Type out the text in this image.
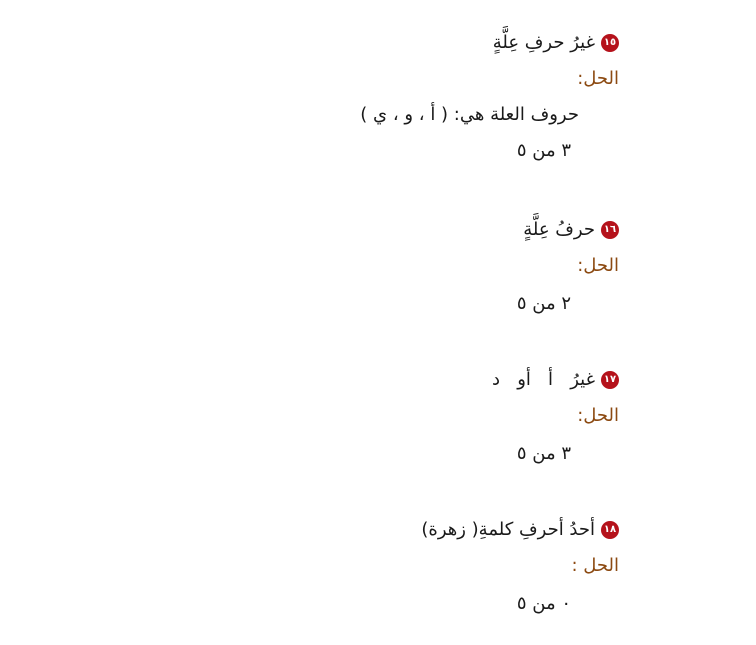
١٥
غيرُ حرفِ عِلَّةٍ
الحل:
حروف العلة هي: ( أ ، و ، ي )
٣ من ٥
١٦
حرفُ عِلَّةٍ
الحل:
٢ من ٥
١٧
غيرُ   أ   أو   د
الحل:
٣ من ٥
١٨
أحدُ أحرفِ كلمةِ( زهرة)
الحل :
٠ من ٥
